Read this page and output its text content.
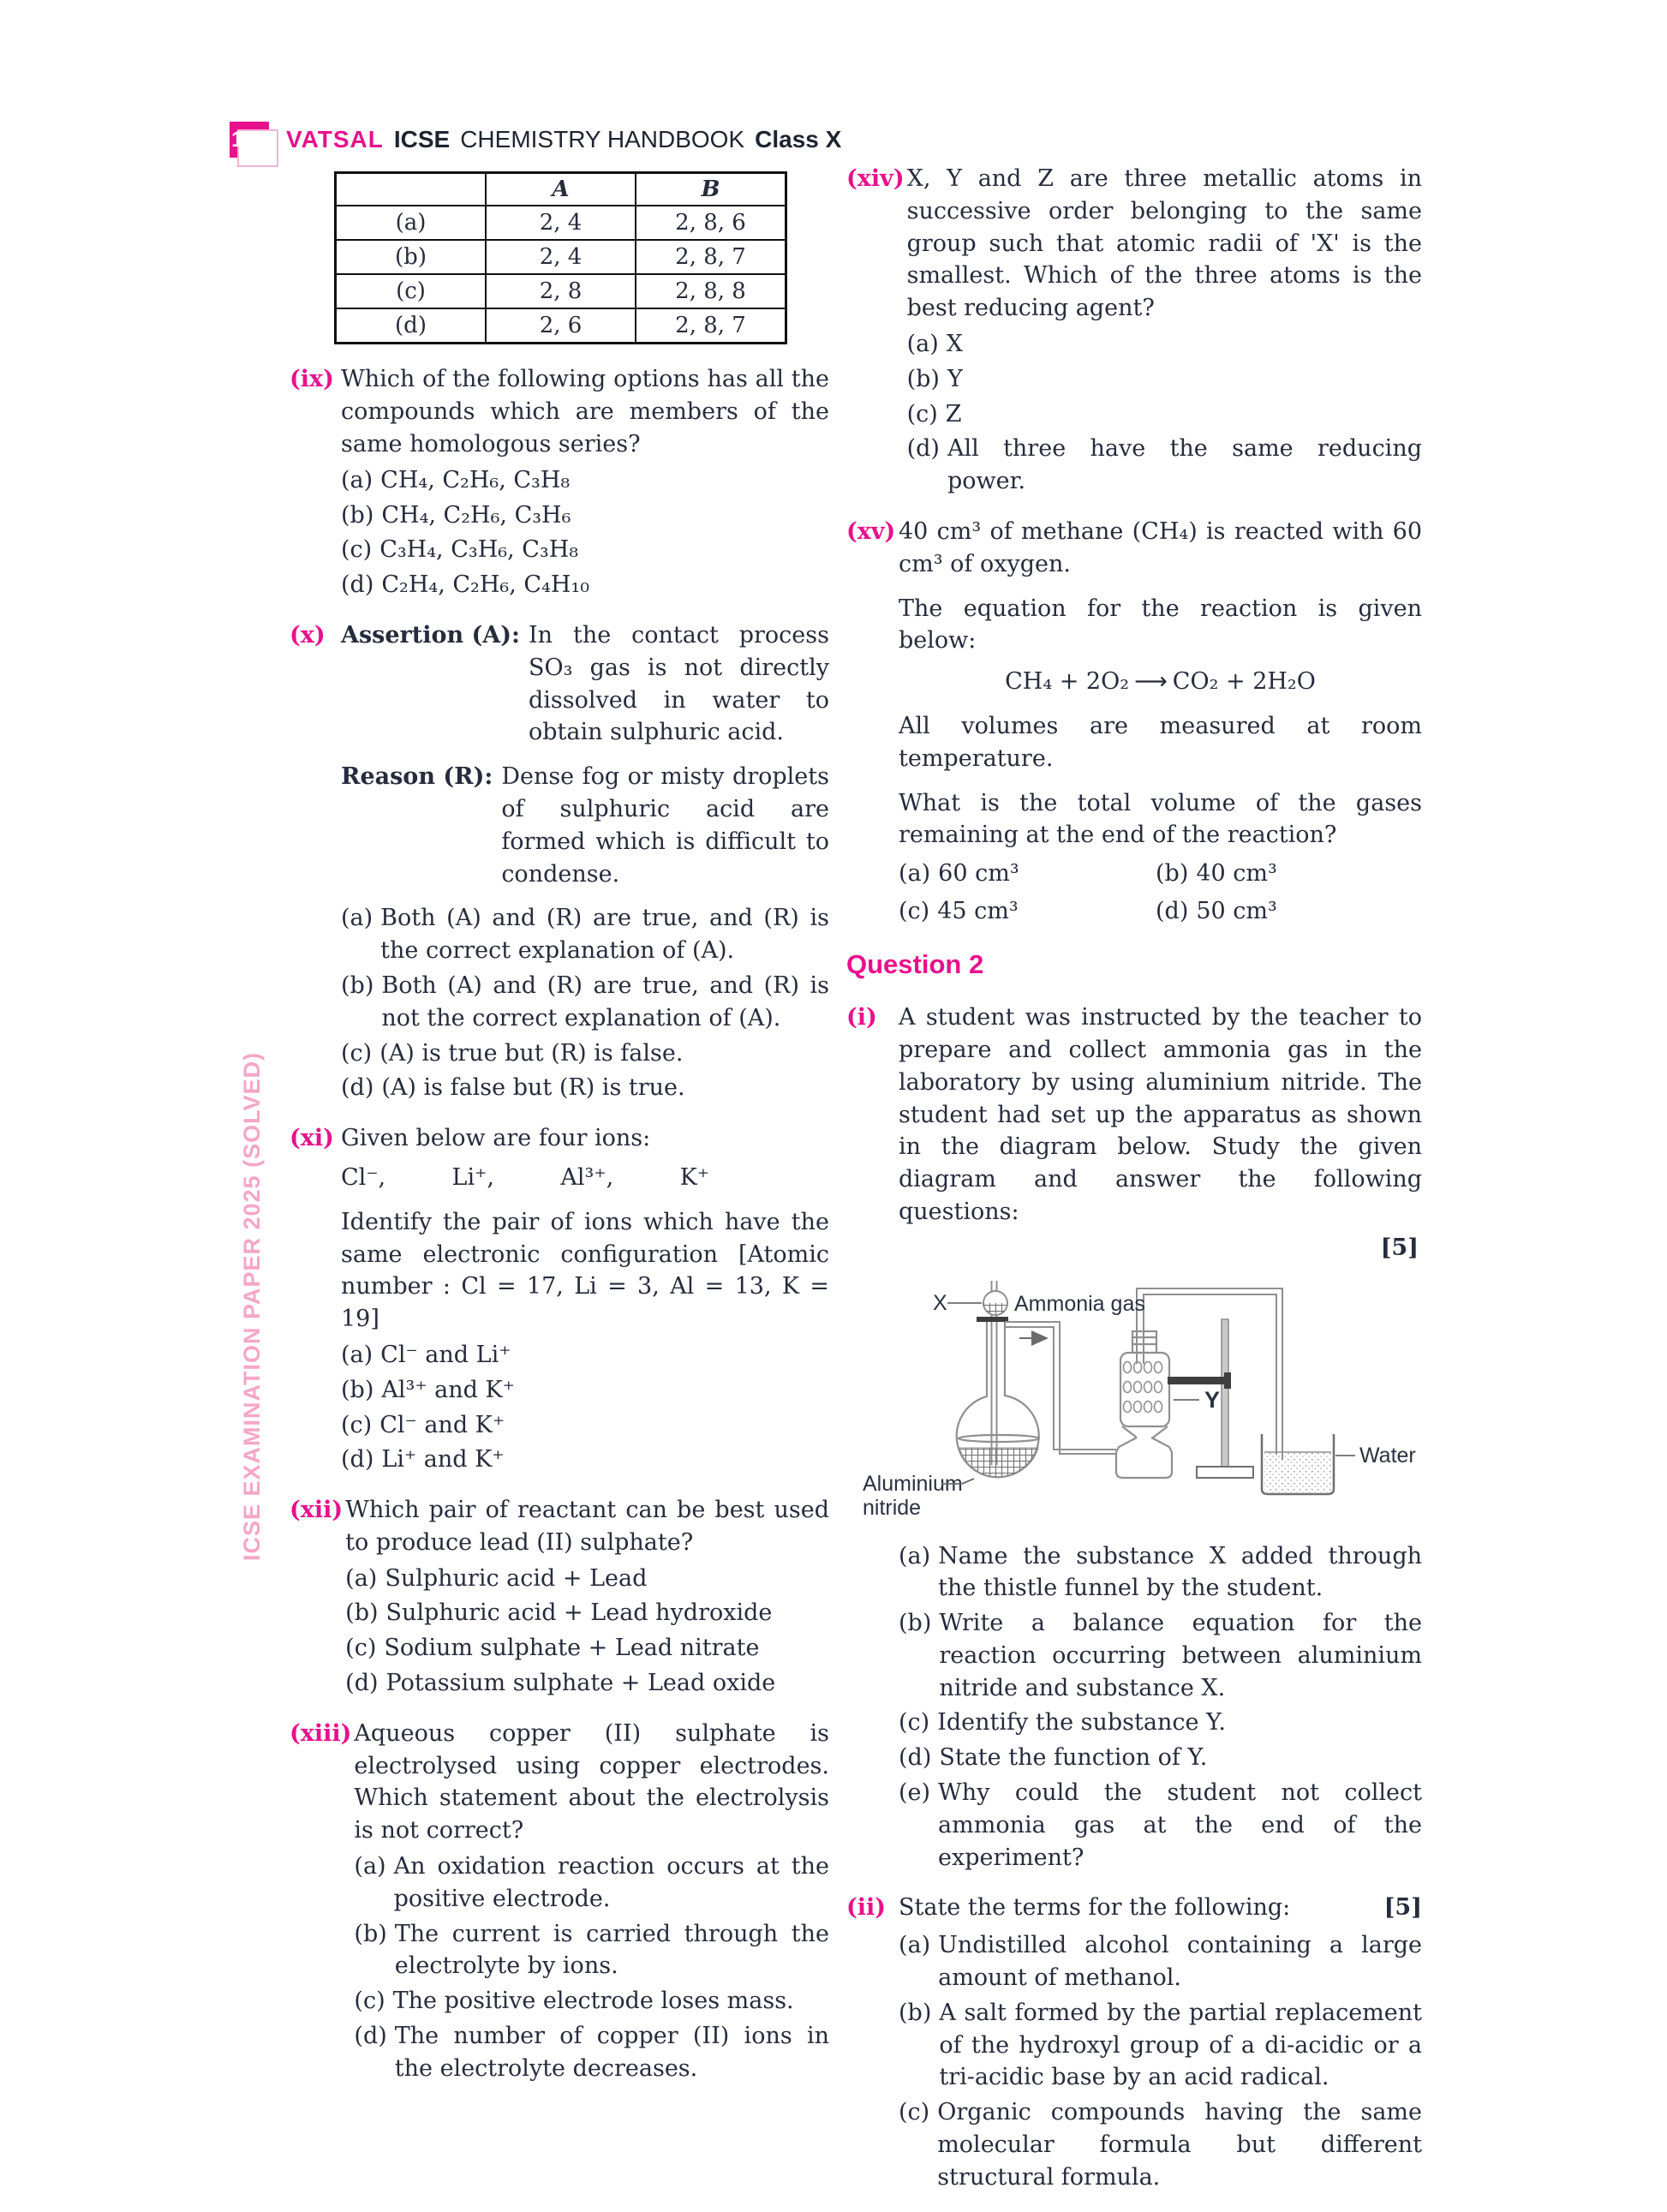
ICSE EXAMINATION PAPER 2025 (SOLVED)
194 VATSAL ICSE CHEMISTRY HANDBOOK Class X
	A	B
(a)	2, 4	2, 8, 6
(b)	2, 4	2, 8, 7
(c)	2, 8	2, 8, 8
(d)	2, 6	2, 8, 7
(ix) Which of the following options has all the compounds which are members of the same homologous series?

(a) CH₄, C₂H₆, C₃H₈
(b) CH₄, C₂H₆, C₃H₆
(c) C₃H₄, C₃H₆, C₃H₈
(d) C₂H₄, C₂H₆, C₄H₁₀
(x) Assertion (A): In the contact process SO₃ gas is not directly dissolved in water to obtain sulphuric acid.
Reason (R): Dense fog or misty droplets of sulphuric acid are formed which is difficult to condense.
(a) Both (A) and (R) are true, and (R) is the correct explanation of (A).
(b) Both (A) and (R) are true, and (R) is not the correct explanation of (A).
(c) (A) is true but (R) is false.
(d) (A) is false but (R) is true.
(xi) Given below are four ions:

Cl⁻,	Li⁺,	Al³⁺,	K⁺

Identify the pair of ions which have the same electronic configuration [Atomic number : Cl = 17, Li = 3, Al = 13, K = 19]

(a) Cl⁻ and Li⁺
(b) Al³⁺ and K⁺
(c) Cl⁻ and K⁺
(d) Li⁺ and K⁺
(xii) Which pair of reactant can be best used to produce lead (II) sulphate?

(a) Sulphuric acid + Lead
(b) Sulphuric acid + Lead hydroxide
(c) Sodium sulphate + Lead nitrate
(d) Potassium sulphate + Lead oxide
(xiii) Aqueous copper (II) sulphate is electrolysed using copper electrodes. Which statement about the electrolysis is not correct?

(a) An oxidation reaction occurs at the positive electrode.
(b) The current is carried through the electrolyte by ions.
(c) The positive electrode loses mass.
(d) The number of copper (II) ions in the electrolyte decreases.
(xiv) X, Y and Z are three metallic atoms in successive order belonging to the same group such that atomic radii of 'X' is the smallest. Which of the three atoms is the best reducing agent?

(a) X
(b) Y
(c) Z
(d) All three have the same reducing power.
(xv) 40 cm³ of methane (CH₄) is reacted with 60 cm³ of oxygen.

The equation for the reaction is given below:

CH₄ + 2O₂ ⟶ CO₂ + 2H₂O

All volumes are measured at room temperature.

What is the total volume of the gases remaining at the end of the reaction?

(a) 60 cm³	(b) 40 cm³
(c) 45 cm³	(d) 50 cm³
Question 2
(i) A student was instructed by the teacher to prepare and collect ammonia gas in the laboratory by using aluminium nitride. The student had set up the apparatus as shown in the diagram below. Study the given diagram and answer the following questions:

[5]
X	Ammonia gas
Y
Aluminium
nitride
Water
(a) Name the substance X added through the thistle funnel by the student.
(b) Write a balance equation for the reaction occurring between aluminium nitride and substance X.
(c) Identify the substance Y.
(d) State the function of Y.
(e) Why could the student not collect ammonia gas at the end of the experiment?
(ii) State the terms for the following:	[5]
(a) Undistilled alcohol containing a large amount of methanol.
(b) A salt formed by the partial replacement of the hydroxyl group of a di-acidic or a tri-acidic base by an acid radical.
(c) Organic compounds having the same molecular formula but different structural formula.
